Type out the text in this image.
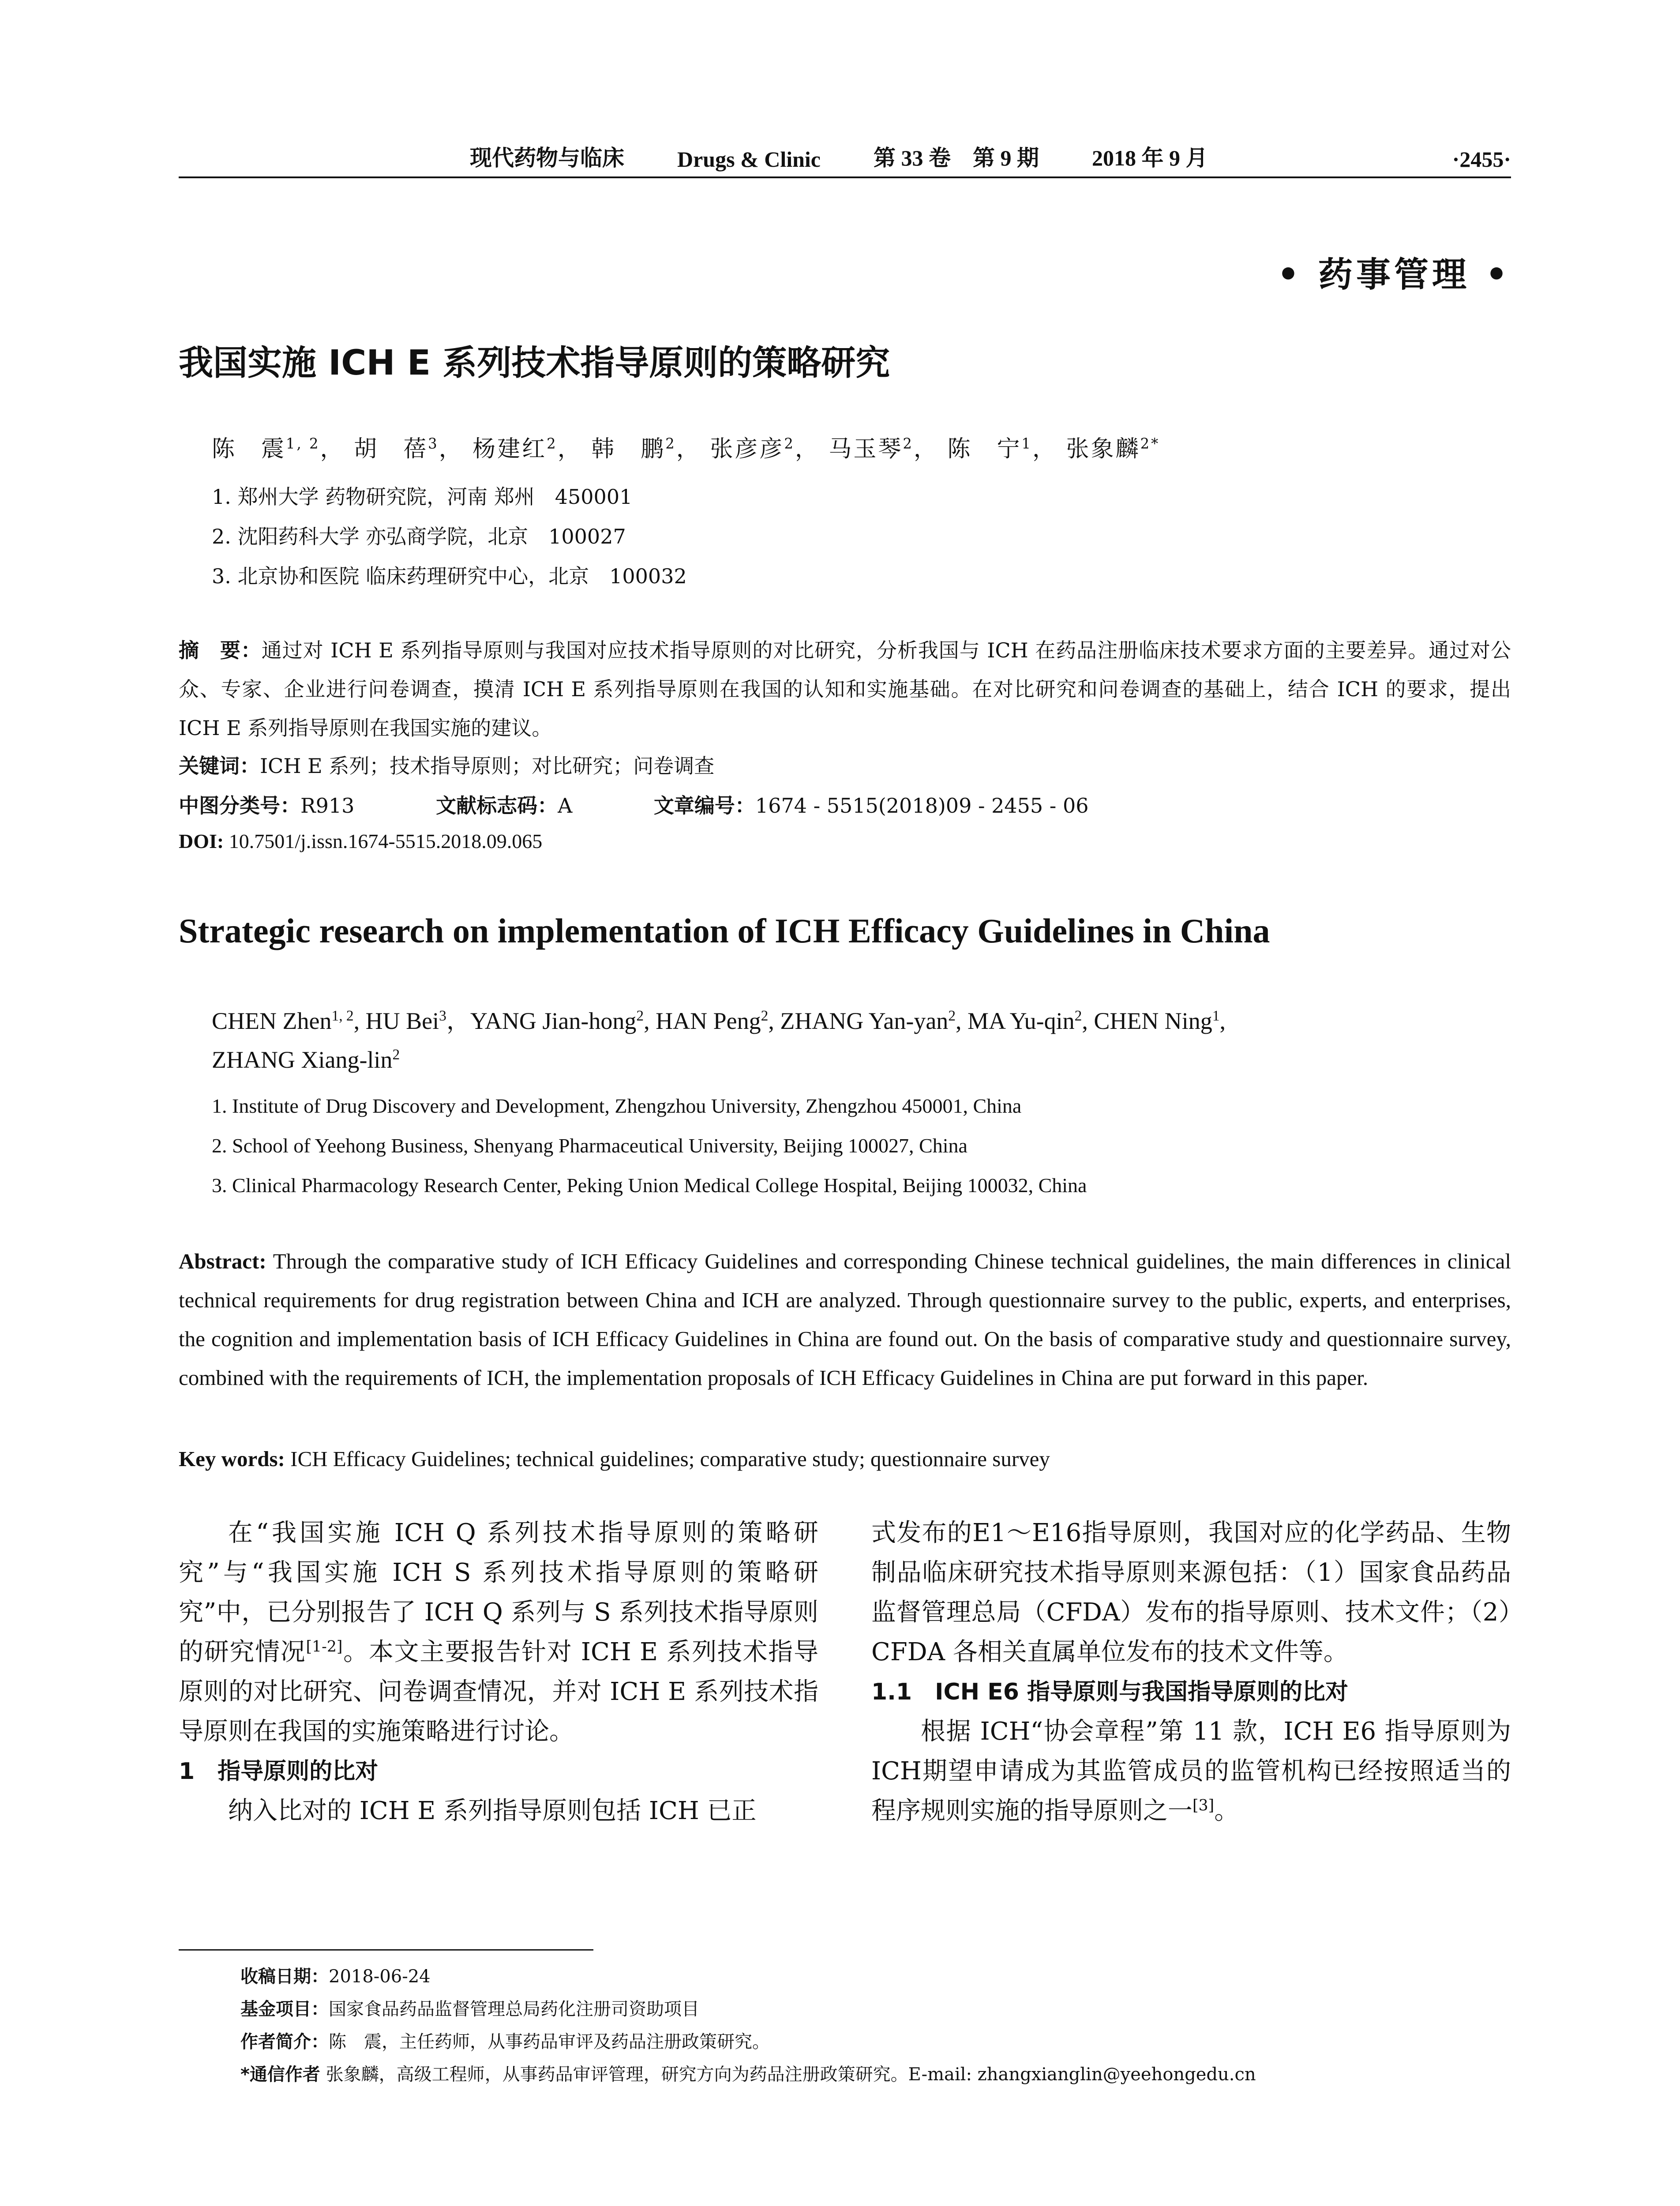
现代药物与临床 Drugs & Clinic 第 33 卷　第 9 期 2018 年 9 月	·2455·
• 药事管理 •
我国实施 ICH E 系列技术指导原则的策略研究
陈　震$^{1, 2}$， 胡　蓓$^3$， 杨建红$^2$， 韩　鹏$^2$， 张彦彦$^2$， 马玉琴$^2$， 陈　宁$^1$， 张象麟$^{2*}$
1. 郑州大学 药物研究院，河南 郑州　450001
2. 沈阳药科大学 亦弘商学院，北京　100027
3. 北京协和医院 临床药理研究中心，北京　100032
摘　要：通过对 ICH E 系列指导原则与我国对应技术指导原则的对比研究，分析我国与 ICH 在药品注册临床技术要求方面的主要差异。通过对公众、专家、企业进行问卷调查，摸清 ICH E 系列指导原则在我国的认知和实施基础。在对比研究和问卷调查的基础上，结合 ICH 的要求，提出 ICH E 系列指导原则在我国实施的建议。
关键词：ICH E 系列；技术指导原则；对比研究；问卷调查
中图分类号：R913	文献标志码：A	文章编号：1674 - 5515(2018)09 - 2455 - 06
DOI: 10.7501/j.issn.1674-5515.2018.09.065
Strategic research on implementation of ICH Efficacy Guidelines in China
CHEN Zhen$^{1, 2}$, HU Bei$^3$，YANG Jian-hong$^2$, HAN Peng$^2$, ZHANG Yan-yan$^2$, MA Yu-qin$^2$, CHEN Ning$^1$,
ZHANG Xiang-lin$^2$
1. Institute of Drug Discovery and Development, Zhengzhou University, Zhengzhou 450001, China
2. School of Yeehong Business, Shenyang Pharmaceutical University, Beijing 100027, China
3. Clinical Pharmacology Research Center, Peking Union Medical College Hospital, Beijing 100032, China
Abstract: Through the comparative study of ICH Efficacy Guidelines and corresponding Chinese technical guidelines, the main differences in clinical technical requirements for drug registration between China and ICH are analyzed. Through questionnaire survey to the public, experts, and enterprises, the cognition and implementation basis of ICH Efficacy Guidelines in China are found out. On the basis of comparative study and questionnaire survey, combined with the requirements of ICH, the implementation proposals of ICH Efficacy Guidelines in China are put forward in this paper.
Key words: ICH Efficacy Guidelines; technical guidelines; comparative study; questionnaire survey

在“我国实施 ICH Q 系列技术指导原则的策略研究”与“我国实施 ICH S 系列技术指导原则的策略研究”中，已分别报告了 ICH Q 系列与 S 系列技术指导原则的研究情况[1-2]。本文主要报告针对 ICH E 系列技术指导原则的对比研究、问卷调查情况，并对 ICH E 系列技术指导原则在我国的实施策略进行讨论。

1　指导原则的比对

纳入比对的 ICH E 系列指导原则包括 ICH 已正

式发布的E1～E16指导原则，我国对应的化学药品、生物制品临床研究技术指导原则来源包括：（1）国家食品药品监督管理总局（CFDA）发布的指导原则、技术文件；（2）CFDA 各相关直属单位发布的技术文件等。

1.1　ICH E6 指导原则与我国指导原则的比对

根据 ICH“协会章程”第 11 款，ICH E6 指导原则为ICH期望申请成为其监管成员的监管机构已经按照适当的程序规则实施的指导原则之一[3]。

收稿日期：2018-06-24
基金项目：国家食品药品监督管理总局药化注册司资助项目
作者简介：陈　震，主任药师，从事药品审评及药品注册政策研究。
*通信作者 张象麟，高级工程师，从事药品审评管理，研究方向为药品注册政策研究。E-mail: zhangxianglin@yeehongedu.cn
